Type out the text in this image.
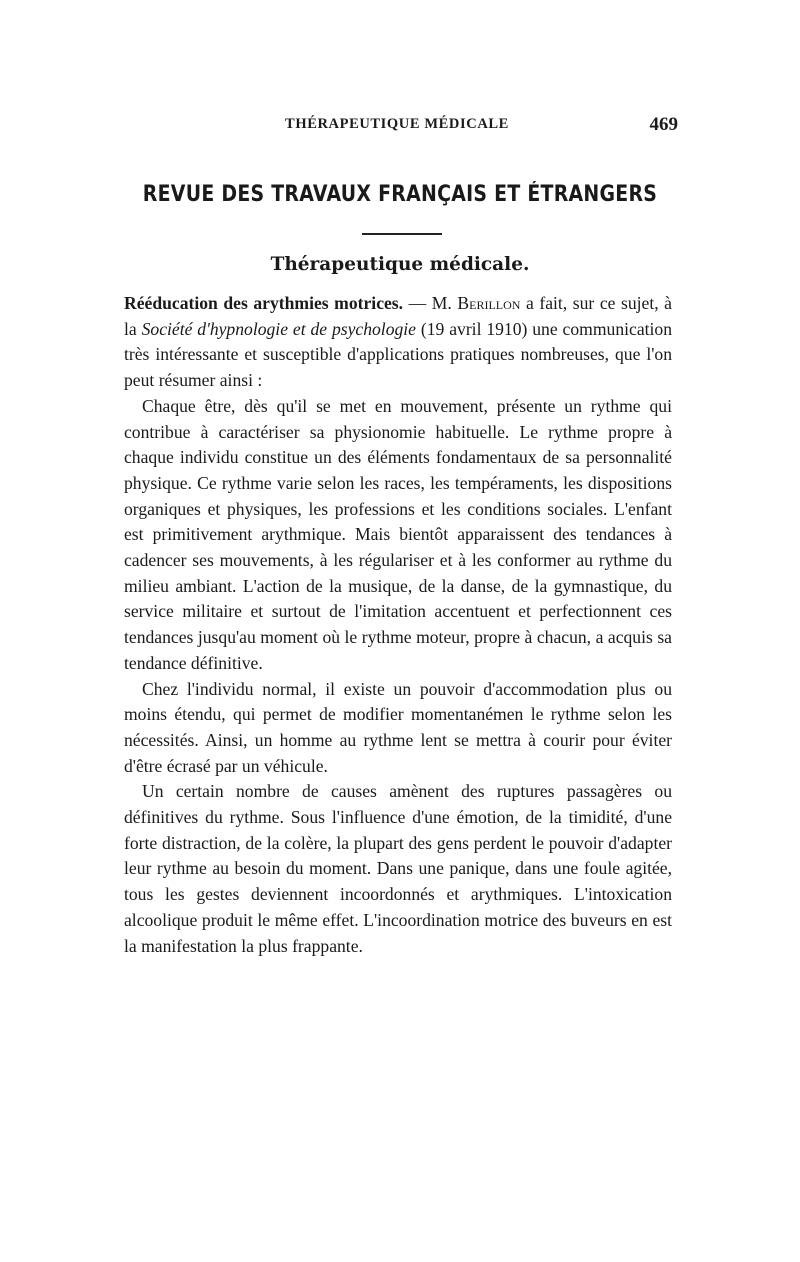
THÉRAPEUTIQUE MÉDICALE	469
REVUE DES TRAVAUX FRANÇAIS ET ÉTRANGERS
Thérapeutique médicale.

Rééducation des arythmies motrices. — M. Berillon a fait, sur ce sujet, à la Société d'hypnologie et de psychologie (19 avril 1910) une communication très intéressante et susceptible d'applications pratiques nombreuses, que l'on peut résumer ainsi :

Chaque être, dès qu'il se met en mouvement, présente un rythme qui contribue à caractériser sa physionomie habituelle. Le rythme propre à chaque individu constitue un des éléments fondamentaux de sa personnalité physique. Ce rythme varie selon les races, les tempéraments, les dispositions organiques et physiques, les professions et les conditions sociales. L'enfant est primitivement arythmique. Mais bientôt apparaissent des tendances à cadencer ses mouvements, à les régulariser et à les conformer au rythme du milieu ambiant. L'action de la musique, de la danse, de la gymnastique, du service militaire et surtout de l'imitation accentuent et perfectionnent ces tendances jusqu'au moment où le rythme moteur, propre à chacun, a acquis sa tendance définitive.

Chez l'individu normal, il existe un pouvoir d'accommodation plus ou moins étendu, qui permet de modifier momentanémen le rythme selon les nécessités. Ainsi, un homme au rythme lent se mettra à courir pour éviter d'être écrasé par un véhicule.

Un certain nombre de causes amènent des ruptures passagères ou définitives du rythme. Sous l'influence d'une émotion, de la timidité, d'une forte distraction, de la colère, la plupart des gens perdent le pouvoir d'adapter leur rythme au besoin du moment. Dans une panique, dans une foule agitée, tous les gestes deviennent incoordonnés et arythmiques. L'intoxication alcoolique produit le même effet. L'incoordination motrice des buveurs en est la manifestation la plus frappante.
